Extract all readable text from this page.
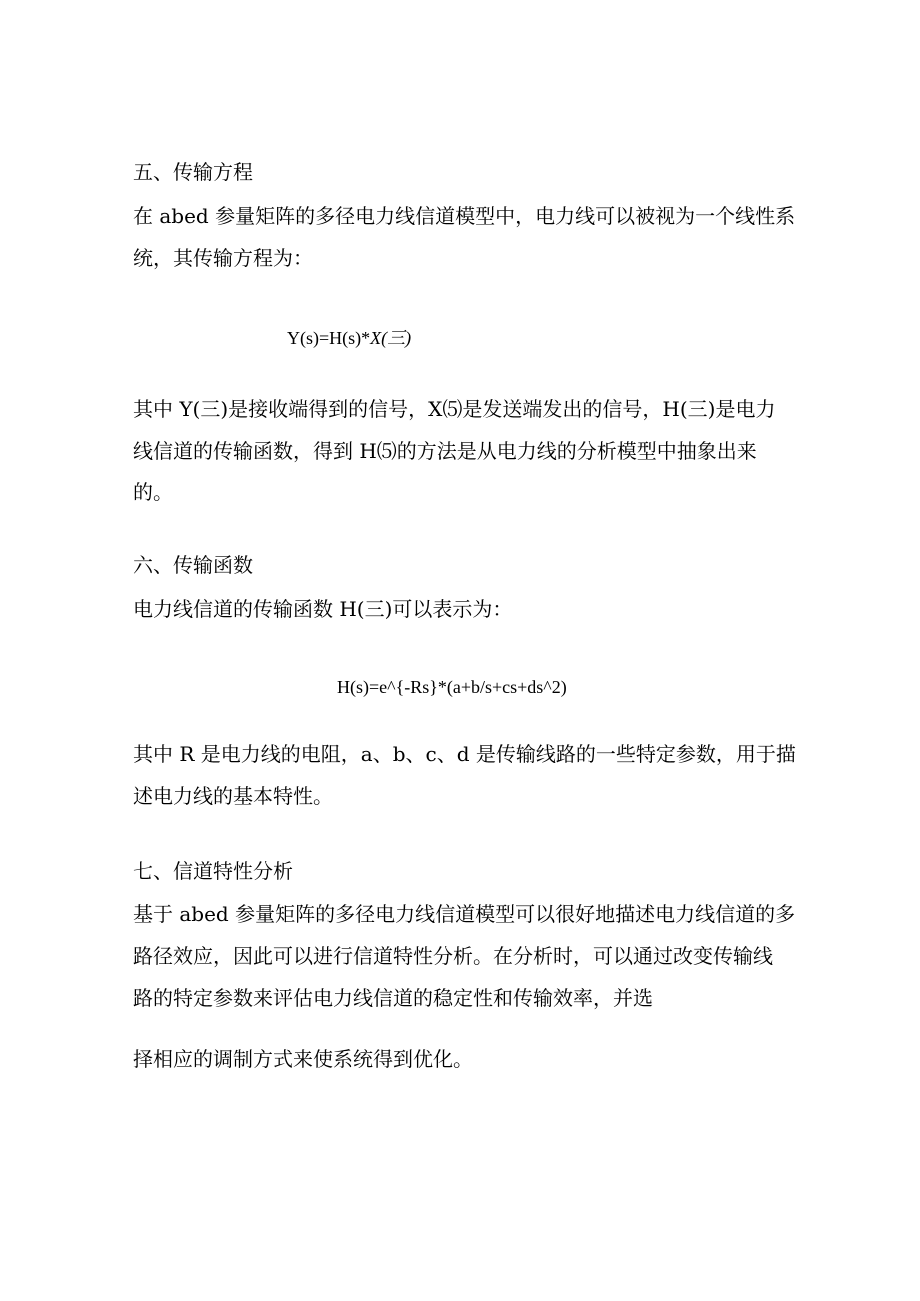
五、传输方程
在 abed 参量矩阵的多径电力线信道模型中，电力线可以被视为一个线性系
统，其传输方程为：
Y(s)=H(s)*X(三)
其中 Y(三)是接收端得到的信号，X⑸是发送端发出的信号，H(三)是电力
线信道的传输函数，得到 H⑸的方法是从电力线的分析模型中抽象出来
的。
六、传输函数
电力线信道的传输函数 H(三)可以表示为：
H(s)=e^{-Rs}*(a+b/s+cs+ds^2)
其中 R 是电力线的电阻，a、b、c、d 是传输线路的一些特定参数，用于描
述电力线的基本特性。
七、信道特性分析
基于 abed 参量矩阵的多径电力线信道模型可以很好地描述电力线信道的多
路径效应，因此可以进行信道特性分析。在分析时，可以通过改变传输线
路的特定参数来评估电力线信道的稳定性和传输效率，并选
择相应的调制方式来使系统得到优化。
